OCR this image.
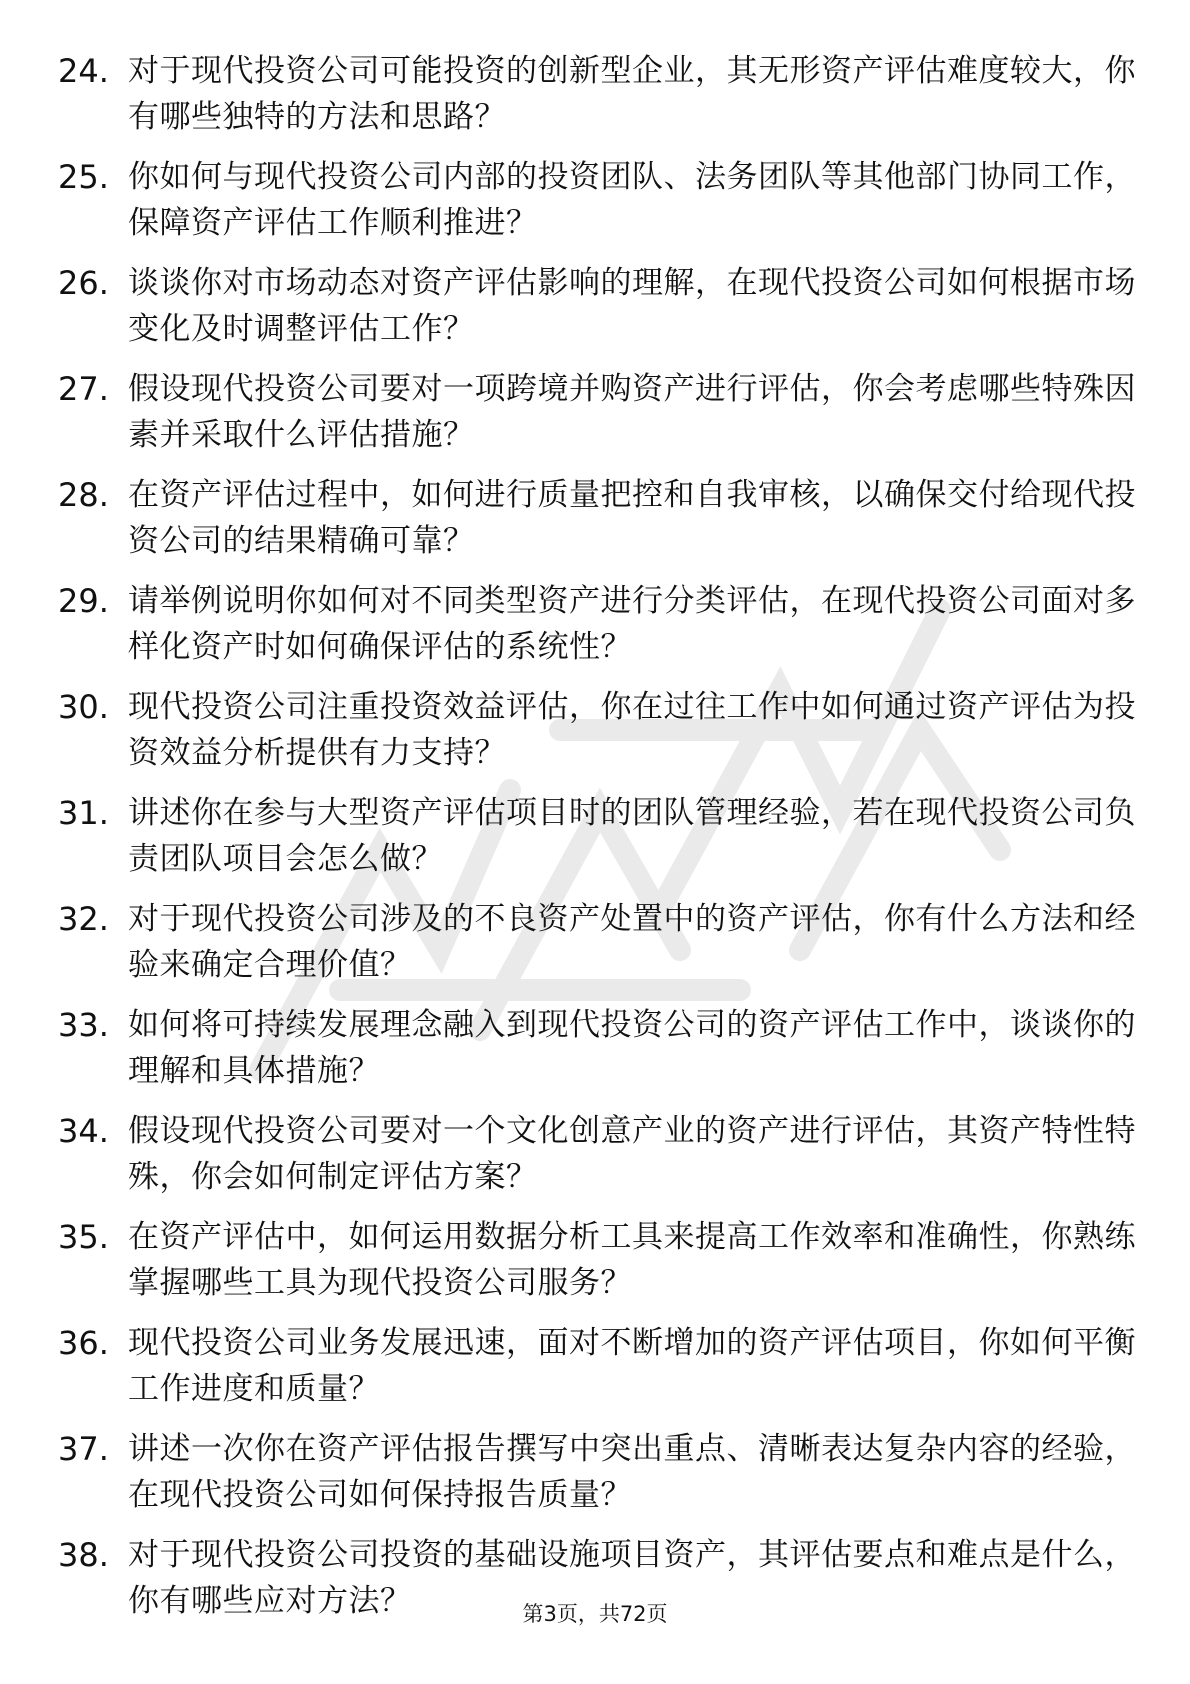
24. 对于现代投资公司可能投资的创新型企业，其无形资产评估难度较大，你有哪些独特的方法和思路？
25. 你如何与现代投资公司内部的投资团队、法务团队等其他部门协同工作，保障资产评估工作顺利推进？
26. 谈谈你对市场动态对资产评估影响的理解，在现代投资公司如何根据市场变化及时调整评估工作？
27. 假设现代投资公司要对一项跨境并购资产进行评估，你会考虑哪些特殊因素并采取什么评估措施？
28. 在资产评估过程中，如何进行质量把控和自我审核，以确保交付给现代投资公司的结果精确可靠？
29. 请举例说明你如何对不同类型资产进行分类评估，在现代投资公司面对多样化资产时如何确保评估的系统性？
30. 现代投资公司注重投资效益评估，你在过往工作中如何通过资产评估为投资效益分析提供有力支持？
31. 讲述你在参与大型资产评估项目时的团队管理经验，若在现代投资公司负责团队项目会怎么做？
32. 对于现代投资公司涉及的不良资产处置中的资产评估，你有什么方法和经验来确定合理价值？
33. 如何将可持续发展理念融入到现代投资公司的资产评估工作中，谈谈你的理解和具体措施？
34. 假设现代投资公司要对一个文化创意产业的资产进行评估，其资产特性特殊，你会如何制定评估方案？
35. 在资产评估中，如何运用数据分析工具来提高工作效率和准确性，你熟练掌握哪些工具为现代投资公司服务？
36. 现代投资公司业务发展迅速，面对不断增加的资产评估项目，你如何平衡工作进度和质量？
37. 讲述一次你在资产评估报告撰写中突出重点、清晰表达复杂内容的经验，在现代投资公司如何保持报告质量？
38. 对于现代投资公司投资的基础设施项目资产，其评估要点和难点是什么，你有哪些应对方法？	第3页，共72页
